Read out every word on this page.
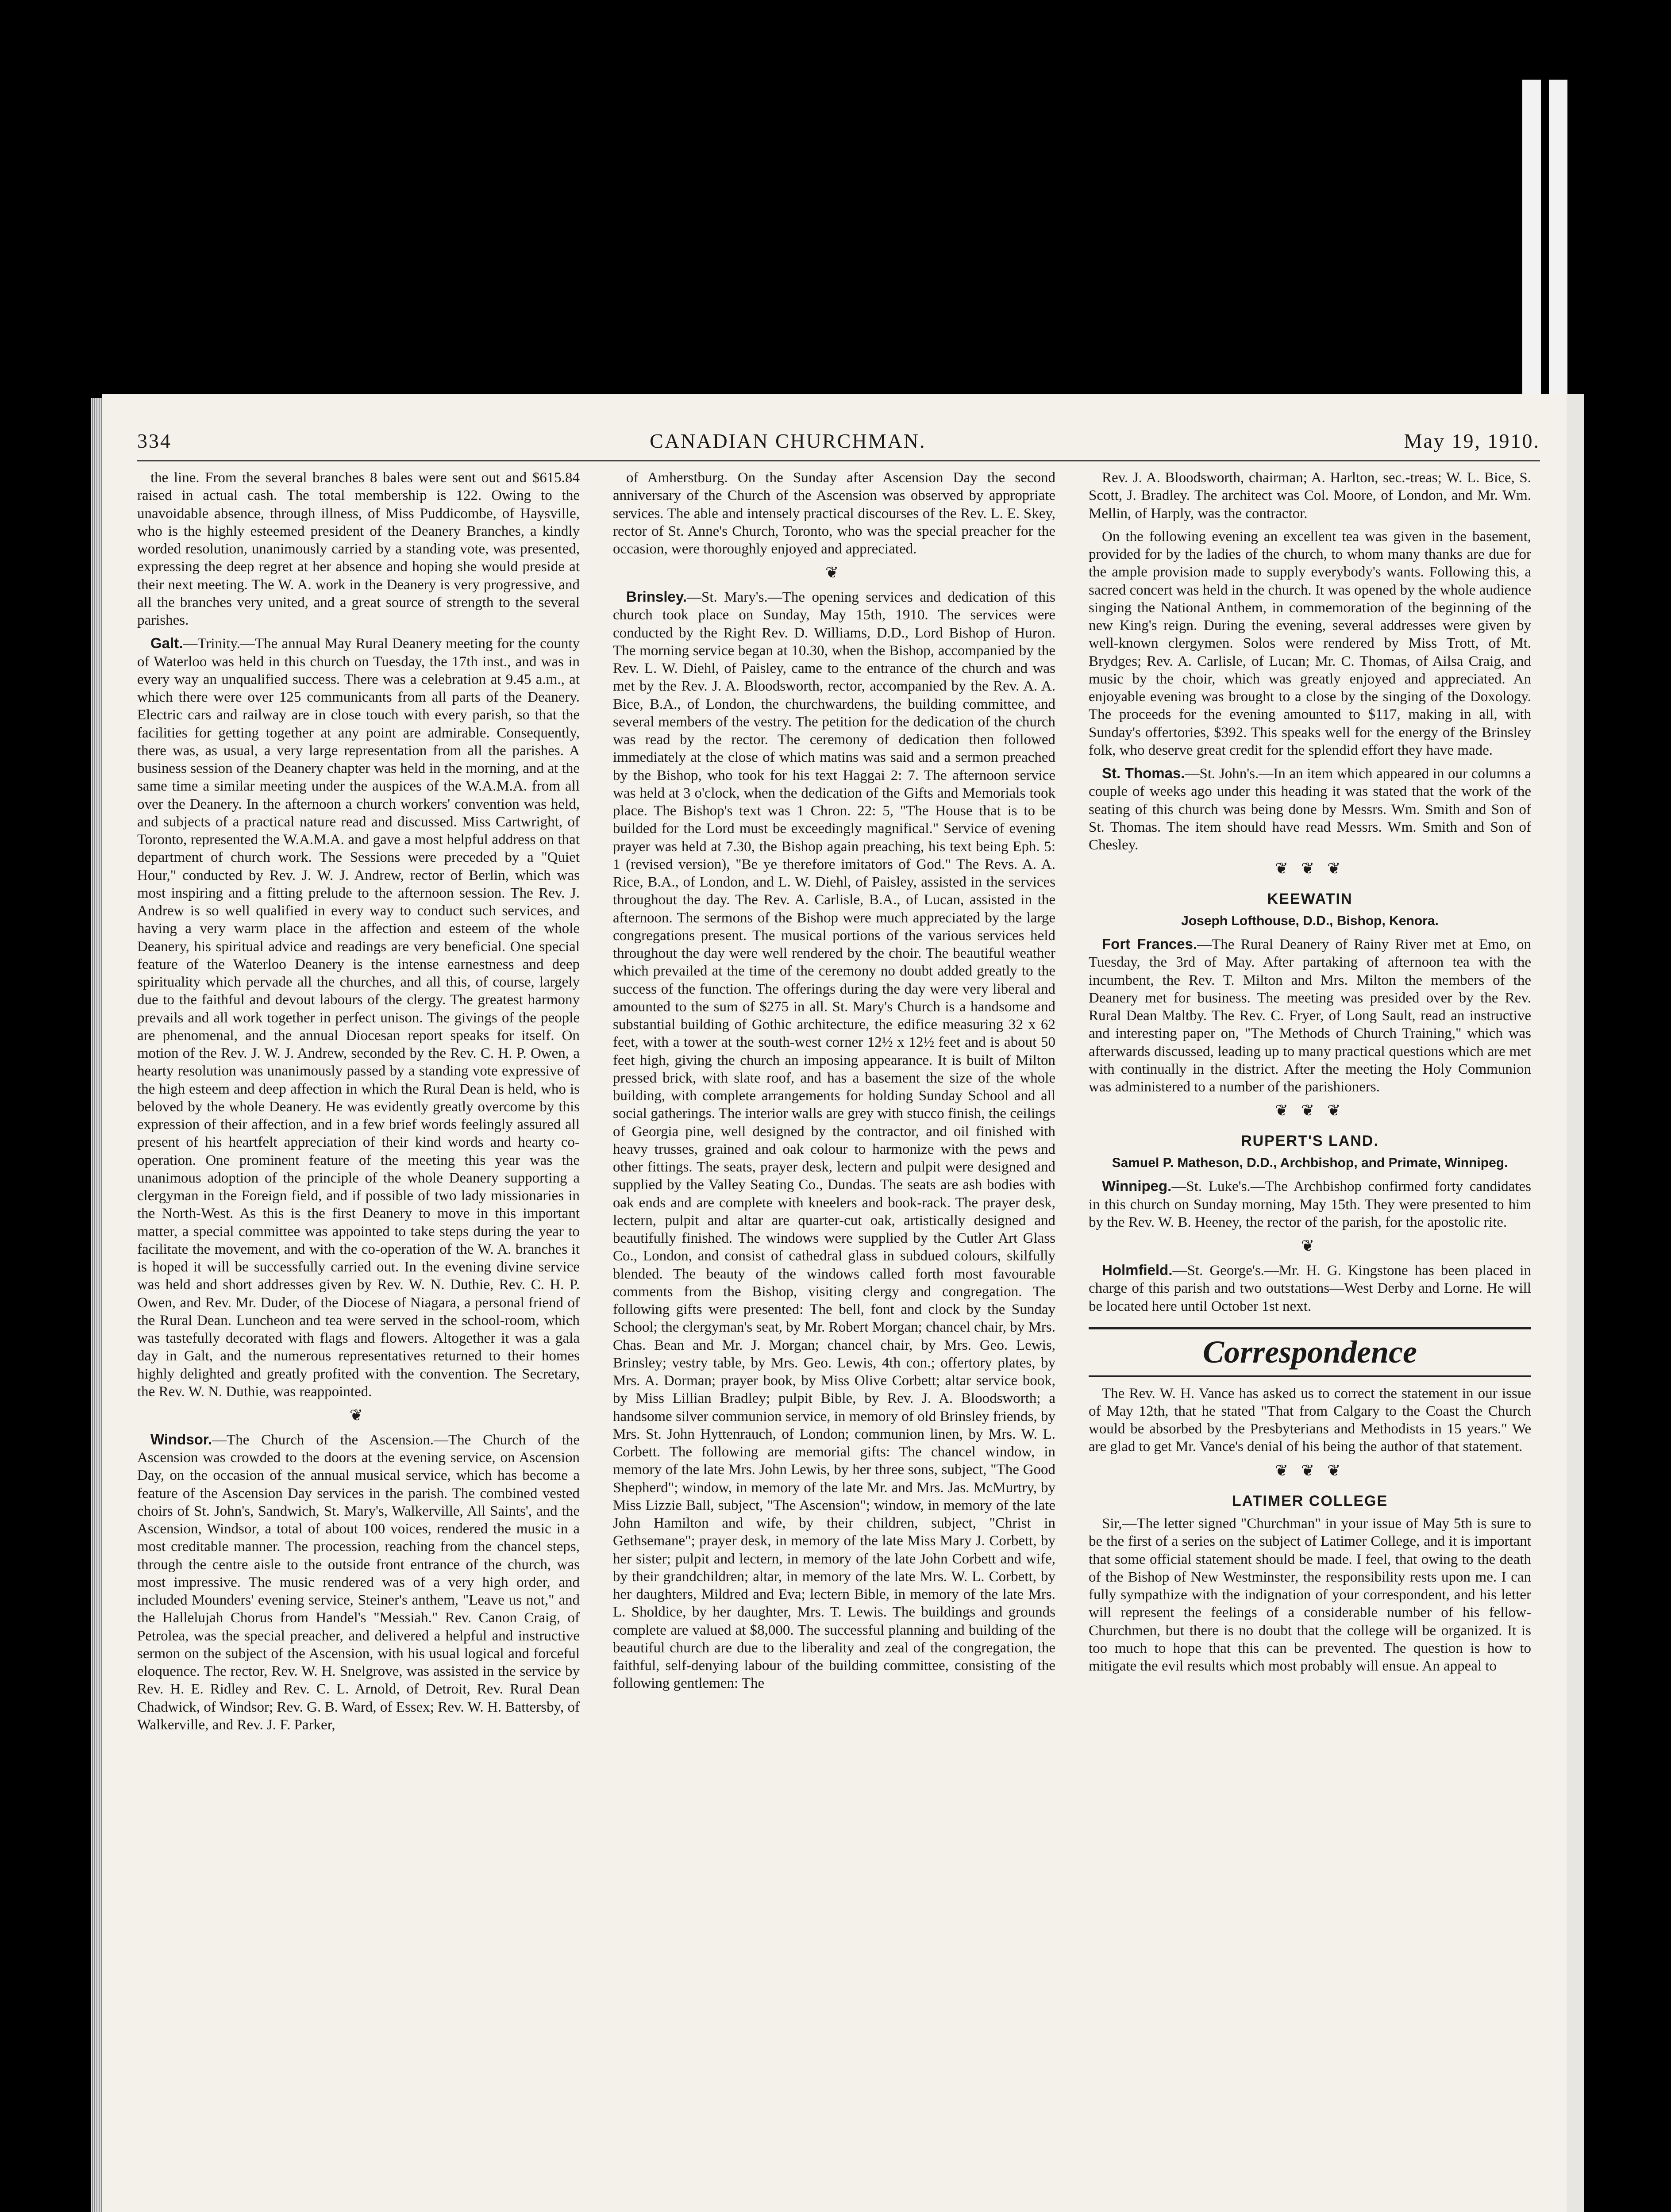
334	CANADIAN CHURCHMAN.	May 19, 1910.

the line. From the several branches 8 bales were sent out and $615.84 raised in actual cash. The total membership is 122. Owing to the unavoidable absence, through illness, of Miss Puddicombe, of Haysville, who is the highly esteemed president of the Deanery Branches, a kindly worded resolution, unanimously carried by a standing vote, was presented, expressing the deep regret at her absence and hoping she would preside at their next meeting. The W. A. work in the Deanery is very progressive, and all the branches very united, and a great source of strength to the several parishes.

Galt.—Trinity.—The annual May Rural Deanery meeting for the county of Waterloo was held in this church on Tuesday, the 17th inst., and was in every way an unqualified success. There was a celebration at 9.45 a.m., at which there were over 125 communicants from all parts of the Deanery. Electric cars and railway are in close touch with every parish, so that the facilities for getting together at any point are admirable. Consequently, there was, as usual, a very large representation from all the parishes. A business session of the Deanery chapter was held in the morning, and at the same time a similar meeting under the auspices of the W.A.M.A. from all over the Deanery. In the afternoon a church workers' convention was held, and subjects of a practical nature read and discussed. Miss Cartwright, of Toronto, represented the W.A.M.A. and gave a most helpful address on that department of church work. The Sessions were preceded by a "Quiet Hour," conducted by Rev. J. W. J. Andrew, rector of Berlin, which was most inspiring and a fitting prelude to the afternoon session. The Rev. J. Andrew is so well qualified in every way to conduct such services, and having a very warm place in the affection and esteem of the whole Deanery, his spiritual advice and readings are very beneficial. One special feature of the Waterloo Deanery is the intense earnestness and deep spirituality which pervade all the churches, and all this, of course, largely due to the faithful and devout labours of the clergy. The greatest harmony prevails and all work together in perfect unison. The givings of the people are phenomenal, and the annual Diocesan report speaks for itself. On motion of the Rev. J. W. J. Andrew, seconded by the Rev. C. H. P. Owen, a hearty resolution was unanimously passed by a standing vote expressive of the high esteem and deep affection in which the Rural Dean is held, who is beloved by the whole Deanery. He was evidently greatly overcome by this expression of their affection, and in a few brief words feelingly assured all present of his heartfelt appreciation of their kind words and hearty co-operation. One prominent feature of the meeting this year was the unanimous adoption of the principle of the whole Deanery supporting a clergyman in the Foreign field, and if possible of two lady missionaries in the North-West. As this is the first Deanery to move in this important matter, a special committee was appointed to take steps during the year to facilitate the movement, and with the co-operation of the W. A. branches it is hoped it will be successfully carried out. In the evening divine service was held and short addresses given by Rev. W. N. Duthie, Rev. C. H. P. Owen, and Rev. Mr. Duder, of the Diocese of Niagara, a personal friend of the Rural Dean. Luncheon and tea were served in the school-room, which was tastefully decorated with flags and flowers. Altogether it was a gala day in Galt, and the numerous representatives returned to their homes highly delighted and greatly profited with the convention. The Secretary, the Rev. W. N. Duthie, was reappointed.

❦

Windsor.—The Church of the Ascension.—The Church of the Ascension was crowded to the doors at the evening service, on Ascension Day, on the occasion of the annual musical service, which has become a feature of the Ascension Day services in the parish. The combined vested choirs of St. John's, Sandwich, St. Mary's, Walkerville, All Saints', and the Ascension, Windsor, a total of about 100 voices, rendered the music in a most creditable manner. The procession, reaching from the chancel steps, through the centre aisle to the outside front entrance of the church, was most impressive. The music rendered was of a very high order, and included Mounders' evening service, Steiner's anthem, "Leave us not," and the Hallelujah Chorus from Handel's "Messiah." Rev. Canon Craig, of Petrolea, was the special preacher, and delivered a helpful and instructive sermon on the subject of the Ascension, with his usual logical and forceful eloquence. The rector, Rev. W. H. Snelgrove, was assisted in the service by Rev. H. E. Ridley and Rev. C. L. Arnold, of Detroit, Rev. Rural Dean Chadwick, of Windsor; Rev. G. B. Ward, of Essex; Rev. W. H. Battersby, of Walkerville, and Rev. J. F. Parker,

of Amherstburg. On the Sunday after Ascension Day the second anniversary of the Church of the Ascension was observed by appropriate services. The able and intensely practical discourses of the Rev. L. E. Skey, rector of St. Anne's Church, Toronto, who was the special preacher for the occasion, were thoroughly enjoyed and appreciated.

❦

Brinsley.—St. Mary's.—The opening services and dedication of this church took place on Sunday, May 15th, 1910. The services were conducted by the Right Rev. D. Williams, D.D., Lord Bishop of Huron. The morning service began at 10.30, when the Bishop, accompanied by the Rev. L. W. Diehl, of Paisley, came to the entrance of the church and was met by the Rev. J. A. Bloodsworth, rector, accompanied by the Rev. A. A. Bice, B.A., of London, the churchwardens, the building committee, and several members of the vestry. The petition for the dedication of the church was read by the rector. The ceremony of dedication then followed immediately at the close of which matins was said and a sermon preached by the Bishop, who took for his text Haggai 2: 7. The afternoon service was held at 3 o'clock, when the dedication of the Gifts and Memorials took place. The Bishop's text was 1 Chron. 22: 5, "The House that is to be builded for the Lord must be exceedingly magnifical." Service of evening prayer was held at 7.30, the Bishop again preaching, his text being Eph. 5: 1 (revised version), "Be ye therefore imitators of God." The Revs. A. A. Rice, B.A., of London, and L. W. Diehl, of Paisley, assisted in the services throughout the day. The Rev. A. Carlisle, B.A., of Lucan, assisted in the afternoon. The sermons of the Bishop were much appreciated by the large congregations present. The musical portions of the various services held throughout the day were well rendered by the choir. The beautiful weather which prevailed at the time of the ceremony no doubt added greatly to the success of the function. The offerings during the day were very liberal and amounted to the sum of $275 in all. St. Mary's Church is a handsome and substantial building of Gothic architecture, the edifice measuring 32 x 62 feet, with a tower at the south-west corner 12½ x 12½ feet and is about 50 feet high, giving the church an imposing appearance. It is built of Milton pressed brick, with slate roof, and has a basement the size of the whole building, with complete arrangements for holding Sunday School and all social gatherings. The interior walls are grey with stucco finish, the ceilings of Georgia pine, well designed by the contractor, and oil finished with heavy trusses, grained and oak colour to harmonize with the pews and other fittings. The seats, prayer desk, lectern and pulpit were designed and supplied by the Valley Seating Co., Dundas. The seats are ash bodies with oak ends and are complete with kneelers and book-rack. The prayer desk, lectern, pulpit and altar are quarter-cut oak, artistically designed and beautifully finished. The windows were supplied by the Cutler Art Glass Co., London, and consist of cathedral glass in subdued colours, skilfully blended. The beauty of the windows called forth most favourable comments from the Bishop, visiting clergy and congregation. The following gifts were presented: The bell, font and clock by the Sunday School; the clergyman's seat, by Mr. Robert Morgan; chancel chair, by Mrs. Chas. Bean and Mr. J. Morgan; chancel chair, by Mrs. Geo. Lewis, Brinsley; vestry table, by Mrs. Geo. Lewis, 4th con.; offertory plates, by Mrs. A. Dorman; prayer book, by Miss Olive Corbett; altar service book, by Miss Lillian Bradley; pulpit Bible, by Rev. J. A. Bloodsworth; a handsome silver communion service, in memory of old Brinsley friends, by Mrs. St. John Hyttenrauch, of London; communion linen, by Mrs. W. L. Corbett. The following are memorial gifts: The chancel window, in memory of the late Mrs. John Lewis, by her three sons, subject, "The Good Shepherd"; window, in memory of the late Mr. and Mrs. Jas. McMurtry, by Miss Lizzie Ball, subject, "The Ascension"; window, in memory of the late John Hamilton and wife, by their children, subject, "Christ in Gethsemane"; prayer desk, in memory of the late Miss Mary J. Corbett, by her sister; pulpit and lectern, in memory of the late John Corbett and wife, by their grandchildren; altar, in memory of the late Mrs. W. L. Corbett, by her daughters, Mildred and Eva; lectern Bible, in memory of the late Mrs. L. Sholdice, by her daughter, Mrs. T. Lewis. The buildings and grounds complete are valued at $8,000. The successful planning and building of the beautiful church are due to the liberality and zeal of the congregation, the faithful, self-denying labour of the building committee, consisting of the following gentlemen: The

Rev. J. A. Bloodsworth, chairman; A. Harlton, sec.-treas; W. L. Bice, S. Scott, J. Bradley. The architect was Col. Moore, of London, and Mr. Wm. Mellin, of Harply, was the contractor.

On the following evening an excellent tea was given in the basement, provided for by the ladies of the church, to whom many thanks are due for the ample provision made to supply everybody's wants. Following this, a sacred concert was held in the church. It was opened by the whole audience singing the National Anthem, in commemoration of the beginning of the new King's reign. During the evening, several addresses were given by well-known clergymen. Solos were rendered by Miss Trott, of Mt. Brydges; Rev. A. Carlisle, of Lucan; Mr. C. Thomas, of Ailsa Craig, and music by the choir, which was greatly enjoyed and appreciated. An enjoyable evening was brought to a close by the singing of the Doxology. The proceeds for the evening amounted to $117, making in all, with Sunday's offertories, $392. This speaks well for the energy of the Brinsley folk, who deserve great credit for the splendid effort they have made.

St. Thomas.—St. John's.—In an item which appeared in our columns a couple of weeks ago under this heading it was stated that the work of the seating of this church was being done by Messrs. Wm. Smith and Son of St. Thomas. The item should have read Messrs. Wm. Smith and Son of Chesley.

❦ ❦ ❦
KEEWATIN
Joseph Lofthouse, D.D., Bishop, Kenora.

Fort Frances.—The Rural Deanery of Rainy River met at Emo, on Tuesday, the 3rd of May. After partaking of afternoon tea with the incumbent, the Rev. T. Milton and Mrs. Milton the members of the Deanery met for business. The meeting was presided over by the Rev. Rural Dean Maltby. The Rev. C. Fryer, of Long Sault, read an instructive and interesting paper on, "The Methods of Church Training," which was afterwards discussed, leading up to many practical questions which are met with continually in the district. After the meeting the Holy Communion was administered to a number of the parishioners.

❦ ❦ ❦
RUPERT'S LAND.
Samuel P. Matheson, D.D., Archbishop, and Primate, Winnipeg.

Winnipeg.—St. Luke's.—The Archbishop confirmed forty candidates in this church on Sunday morning, May 15th. They were presented to him by the Rev. W. B. Heeney, the rector of the parish, for the apostolic rite.

❦

Holmfield.—St. George's.—Mr. H. G. Kingstone has been placed in charge of this parish and two outstations—West Derby and Lorne. He will be located here until October 1st next.

Correspondence

The Rev. W. H. Vance has asked us to correct the statement in our issue of May 12th, that he stated "That from Calgary to the Coast the Church would be absorbed by the Presbyterians and Methodists in 15 years." We are glad to get Mr. Vance's denial of his being the author of that statement.

❦ ❦ ❦
LATIMER COLLEGE

Sir,—The letter signed "Churchman" in your issue of May 5th is sure to be the first of a series on the subject of Latimer College, and it is important that some official statement should be made. I feel, that owing to the death of the Bishop of New Westminster, the responsibility rests upon me. I can fully sympathize with the indignation of your correspondent, and his letter will represent the feelings of a considerable number of his fellow-Churchmen, but there is no doubt that the college will be organized. It is too much to hope that this can be prevented. The question is how to mitigate the evil results which most probably will ensue. An appeal to
